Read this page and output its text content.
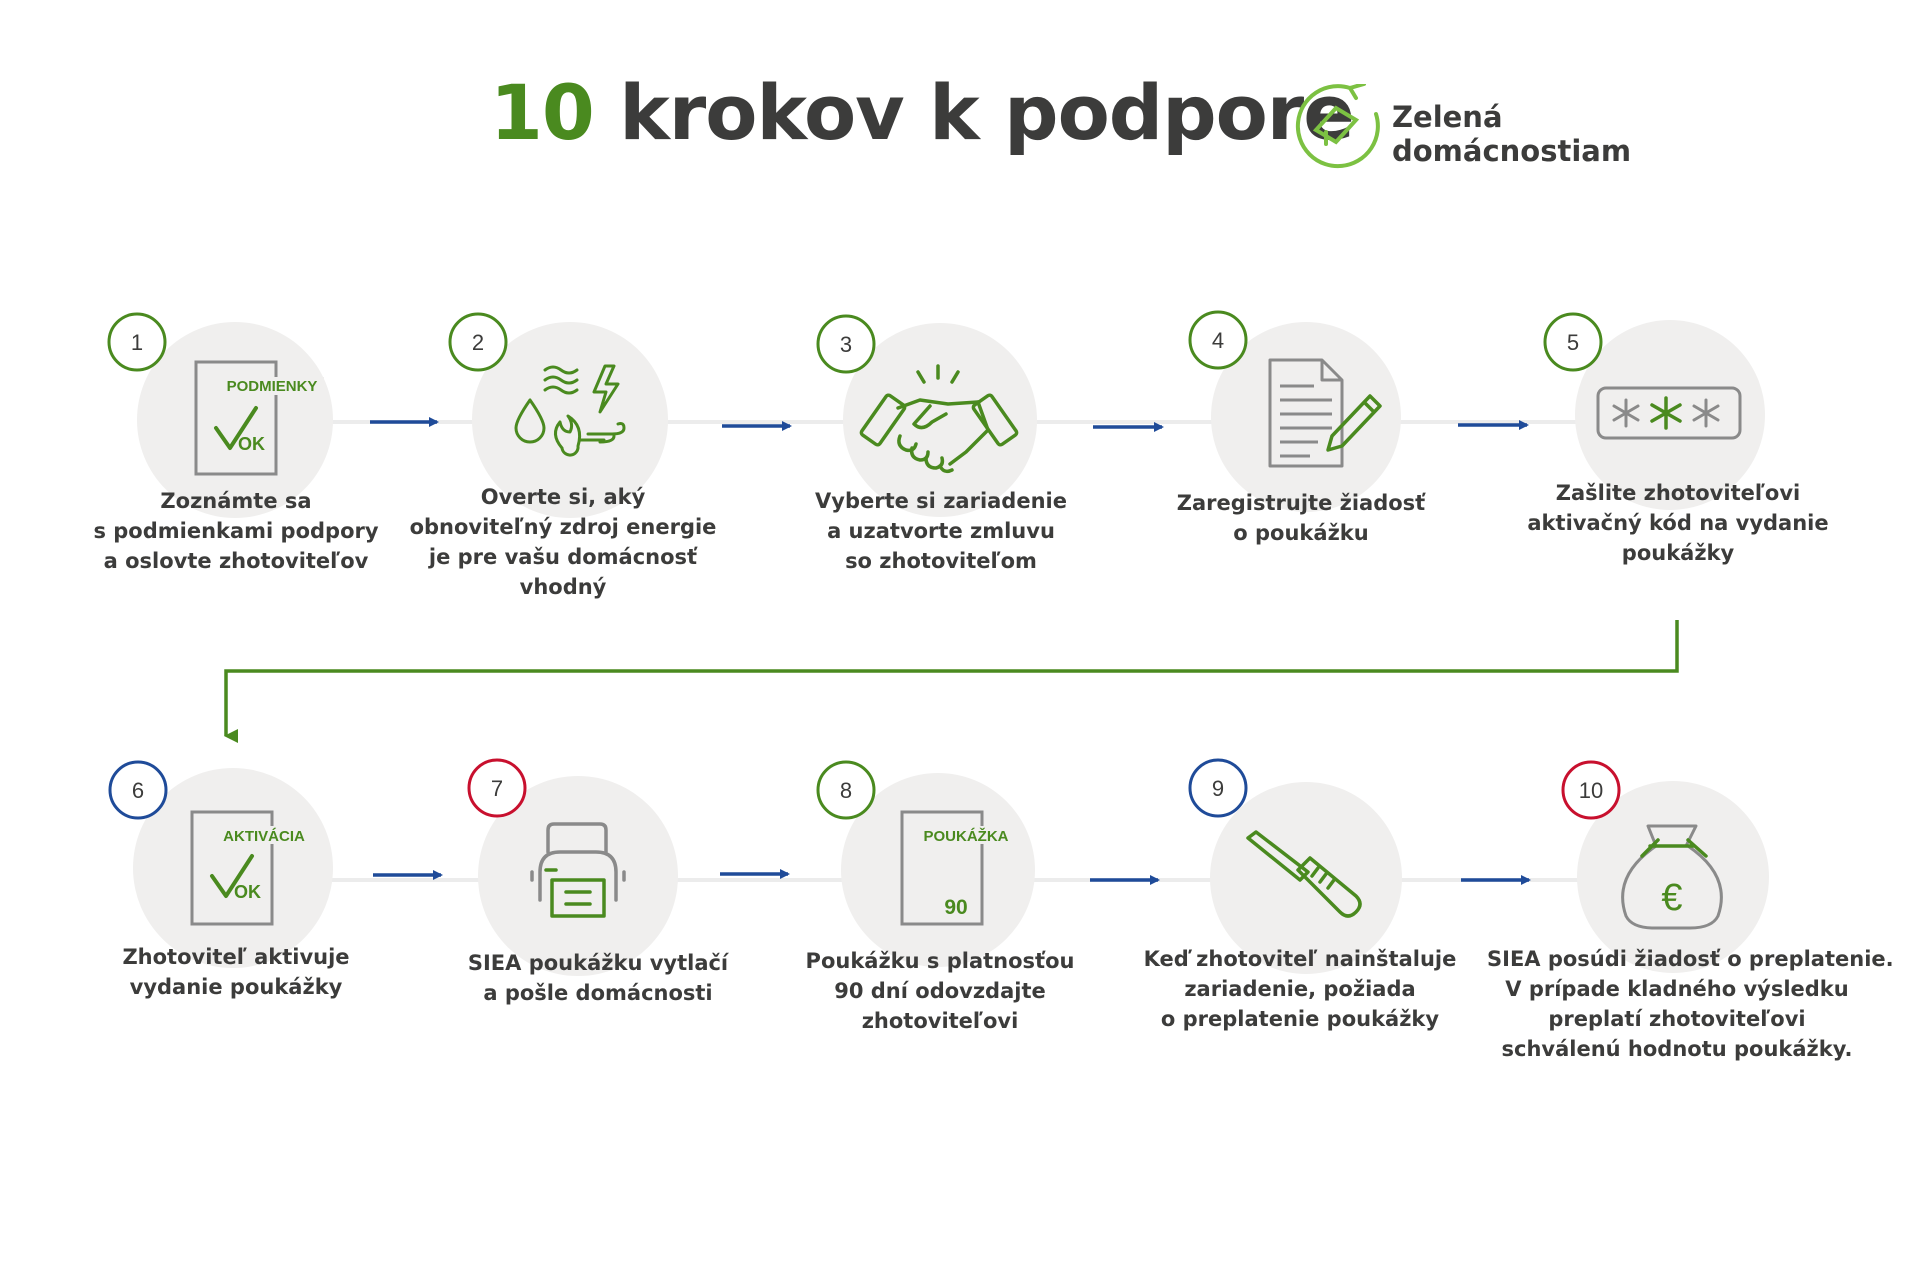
10 krokov k podpore Zelená
domácnostiam
PODMIENKY
OK
AKTIVÁCIA
OK
POUKÁŽKA
90	€
1	2	3	4	5
6	7	8	9	10
Zoznámte sa
s podmienkami podpory
a oslovte zhotoviteľov
Overte si, aký
obnoviteľný zdroj energie
je pre vašu domácnosť
vhodný
Vyberte si zariadenie
a uzatvorte zmluvu
so zhotoviteľom
Zaregistrujte žiadosť
o poukážku
Zašlite zhotoviteľovi
aktivačný kód na vydanie
poukážky
Zhotoviteľ aktivuje
vydanie poukážky
SIEA poukážku vytlačí
a pošle domácnosti
Poukážku s platnosťou
90 dní odovzdajte
zhotoviteľovi
Keď zhotoviteľ nainštaluje
zariadenie, požiada
o preplatenie poukážky
SIEA posúdi žiadosť o preplatenie.
V prípade kladného výsledku
preplatí zhotoviteľovi
schválenú hodnotu poukážky.
